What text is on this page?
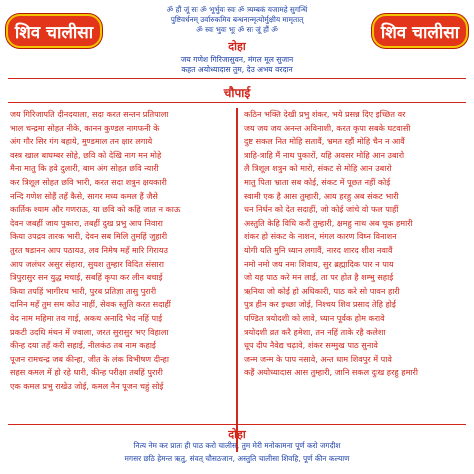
शिव चालीसा	शिव चालीसा
ॐ हौं जूं सः ॐ भूर्भुवः स्वः ॐ त्र्यम्बकं यजामहे सुगन्धिं
पुष्टिवर्धनम् उर्वारुकमिव बन्धनान्मृत्योर्मुक्षीय मामृतात्
ॐ स्वः भुवः भूः ॐ सः जूं हौं ॐ
दोहा
जय गणेश गिरिजासुवन, मंगल मूल सुजान
कहत अयोध्यादास तुम, देउ अभय वरदान
चौपाई
जय गिरिजापति दीनदयाला, सदा करत सन्तन प्रतिपाला
भाल चन्द्रमा सोहत नीके, कानन कुण्डल नागफनी के
अंग गौर सिर गंग बहाये, मुण्डमाल तन क्षार लगाये
वस्त्र खाल बाघम्बर सोहे, छवि को देखि नाग मन मोहे
मैना मातु कि हवे दुलारी, बाम अंग सोहत छवि न्यारी
कर त्रिशूल सोहत छवि भारी, करत सदा शत्रुन क्षयकारी
नन्दि गणेश सोहैं तहँ कैसे, सागर मध्य कमल हैं जैसे
कार्तिक श्याम और गणराऊ, या छवि को कहि जात न काऊ
देवन जबहीं जाय पुकारा, तबहीं दुख प्रभु आप निवारा
किया उपद्रव तारक भारी, देवन सब मिलि तुमहिं जुहारी
तुरत षडानन आप पठायउ, लव निमेष महँ मारि गिरायउ
आप जलंधर असुर संहारा, सुयश तुम्हार विदित संसारा
त्रिपुरासुर सन युद्ध मचाई, सबहिं कृपा कर लीन बचाई
किया तपहिं भागीरथ भारी, पुरब प्रतिज्ञा तासु पुरारी
दानिन महँ तुम सम कोउ नाहीं, सेवक स्तुति करत सदाहीं
वेद नाम महिमा तव गाई, अकथ अनादि भेद नहिं पाई
प्रकटी उदधि मंथन में ज्वाला, जरत सुरासुर भए विहाला
कीन्ह दया तहँ करी सहाई, नीलकंठ तब नाम कहाई
पूजन रामचन्द्र जब कीन्हा, जीत के लंक विभीषण दीन्हा
सहस कमल में हो रहे धारी, कीन्ह परीक्षा तबहिं पुरारी
एक कमल प्रभु राखेउ जोई, कमल नैन पूजन चहुं सोई
कठिन भक्ति देखी प्रभु शंकर, भये प्रसन्न दिए इच्छित वर
जय जय जय अनन्त अविनाशी, करत कृपा सबके घटवासी
दुष्ट सकल नित मोहि सतावैं, भ्रमत रहौं मोहि चैन न आवैं
त्राहि-त्राहि मैं नाथ पुकारों, यहि अवसर मोहि आन उबारो
लै त्रिशूल शत्रुन को मारो, संकट से मोहि आन उबारो
मातु पिता भ्राता सब कोई, संकट में पूछत नहीं कोई
स्वामी एक है आस तुम्हारी, आय हरहु अब संकट भारी
धन निर्धन को देत सदाहीं, जो कोई जांचे वो फल पाहीं
अस्तुति केहि विधि करौं तुम्हारी, क्षमहु नाथ अब चूक हमारी
शंकर हो संकट के नाशन, मंगल कारण विघ्न विनाशन
योगी यति मुनि ध्यान लगावैं, नारद शारद शीश नवावैं
नमो नमो जय नमः शिवाय, सुर ब्रह्मादिक पार न पाय
जो यह पाठ करे मन लाई, ता पर होत है शम्भु सहाई
ऋनिया जो कोई हो अधिकारी, पाठ करे सो पावन हारी
पुत्र हीन कर इच्छा जोई, निश्चय शिव प्रसाद तेहि होई
पण्डित त्रयोदशी को लावे, ध्यान पूर्वक होम करावे
त्रयोदशी व्रत करै हमेशा, तन नहिं ताके रहै कलेशा
धूप दीप नैवेद्य चढ़ावे, शंकर सम्मुख पाठ सुनावे
जन्म जन्म के पाप नसावे, अन्त धाम शिवपुर में पावे
कहैं अयोध्यादास आस तुम्हारी, जानि सकल दुःख हरहु हमारी
दोहा
नित्य नेम कर प्रातः ही पाठ करो चालीस, तुम मेरी मनोकामना पूर्ण करो जगदीश
मगसर छठि हेमन्त ऋतु, संवत् चौसठजान, अस्तुति चालीसा शिवहि, पूर्ण कीन कल्याण
